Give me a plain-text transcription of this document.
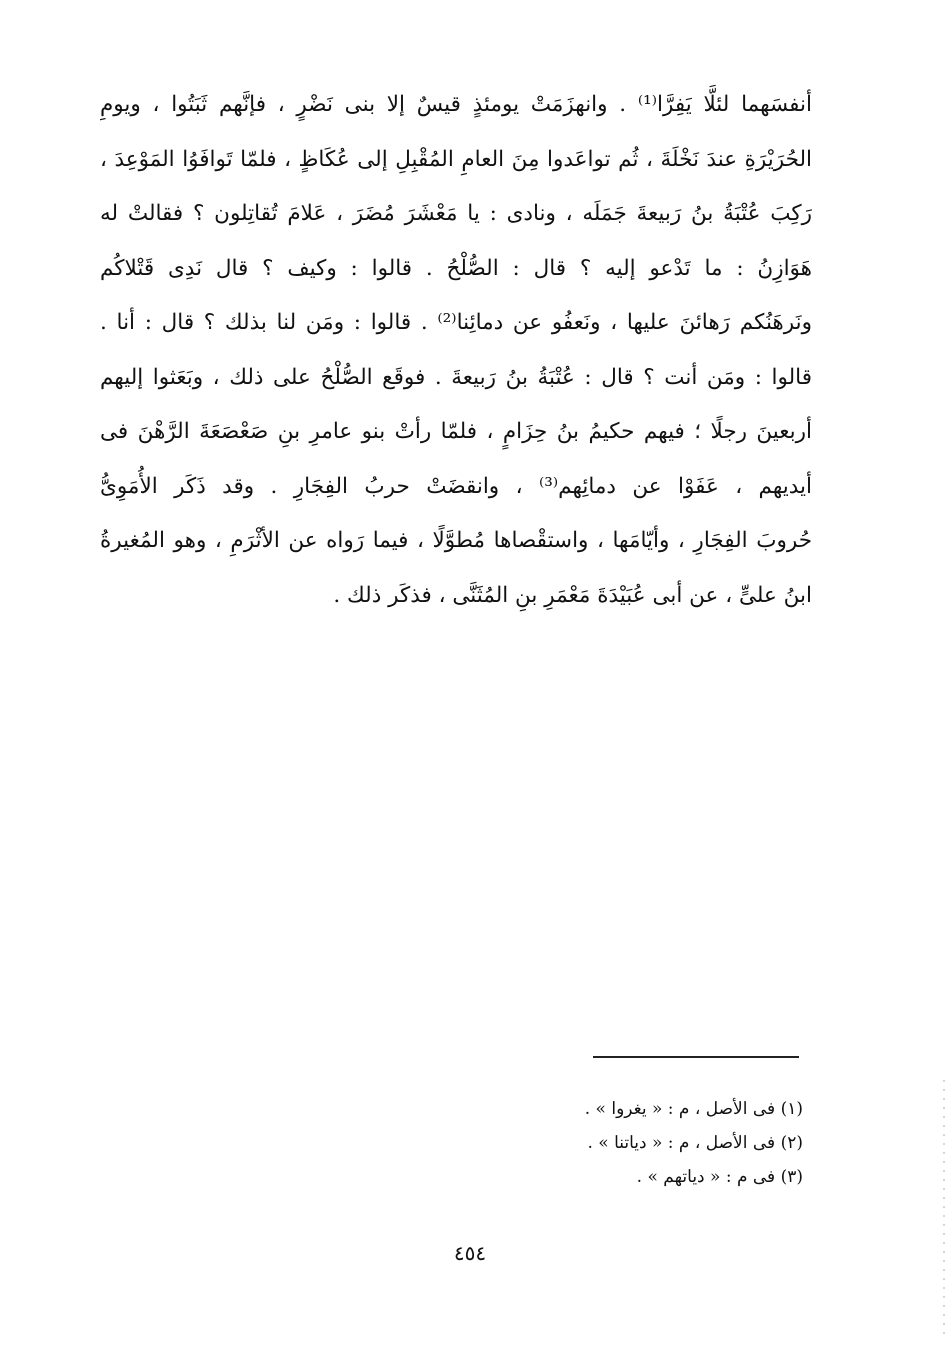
أنفسَهما لئلَّا يَفِرَّا⁽¹⁾ . وانهزَمَتْ يومئذٍ قيسٌ إلا بنى نَضْرٍ ، فإنَّهم ثَبَتُوا ، ويومِ
الحُرَيْرَةِ عندَ نَخْلَةَ ، ثُم تواعَدوا مِنَ العامِ المُقْبِلِ إلى عُكَاظٍ ، فلمّا تَوافَوُا المَوْعِدَ ،
رَكِبَ عُتْبَةُ بنُ رَبيعةَ جَمَلَه ، ونادى : يا مَعْشَرَ مُضَرَ ، عَلامَ تُقاتِلون ؟ فقالتْ له
هَوَازِنُ : ما تَدْعو إليه ؟ قال : الصُّلْحُ . قالوا : وكيف ؟ قال نَدِى قَتْلاكُم
ونَرهَنُكم رَهائنَ عليها ، ونَعفُو عن دمائِنا⁽²⁾ . قالوا : ومَن لنا بذلك ؟ قال : أنا .
قالوا : ومَن أنت ؟ قال : عُتْبَةُ بنُ رَبيعةَ . فوقَع الصُّلْحُ على ذلك ، وبَعَثوا إليهم
أربعينَ رجلًا ؛ فيهم حكيمُ بنُ حِزَامٍ ، فلمّا رأتْ بنو عامرِ بنِ صَعْصَعَةَ الرَّهْنَ فى
أيديهم ، عَفَوْا عن دمائِهم⁽³⁾ ، وانقضَتْ حربُ الفِجَارِ . وقد ذَكَر الأُمَوِىُّ
حُروبَ الفِجَارِ ، وأيّامَها ، واستقْصاها مُطوَّلًا ، فيما رَواه عن الأثْرَمِ ، وهو المُغيرةُ
ابنُ علىٍّ ، عن أبى عُبَيْدَةَ مَعْمَرِ بنِ المُثَنَّى ، فذكَر ذلك .
(١) فى الأصل ، م : « يغروا » .
(٢) فى الأصل ، م : « دياتنا » .
(٣) فى م : « دياتهم » .
٤٥٤
